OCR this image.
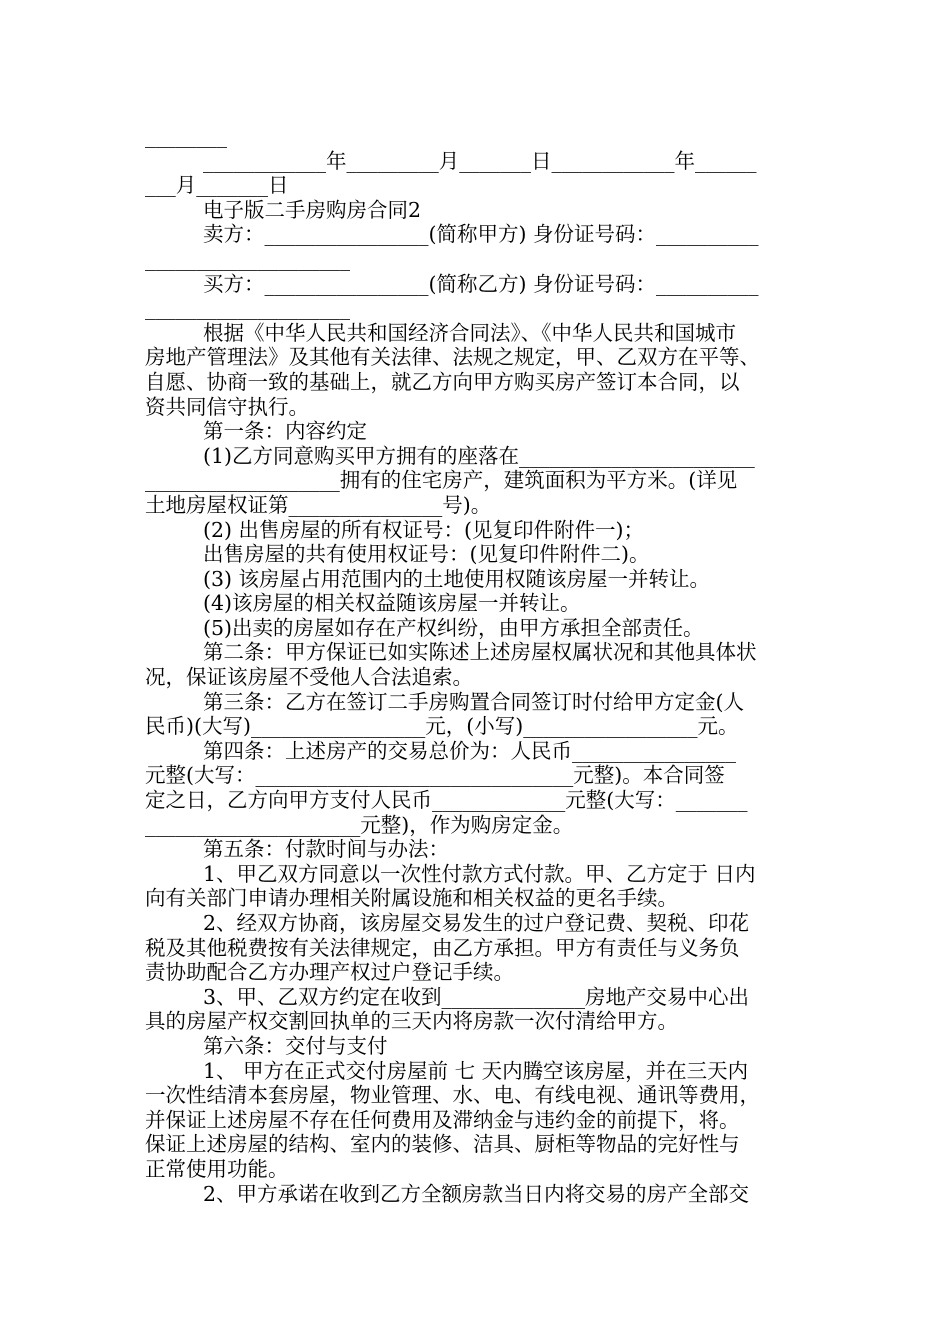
________
____________年_________月_______日____________年______
___月_______日
电子版二手房购房合同2
卖方：________________(简称甲方) 身份证号码：__________
____________________
买方：________________(简称乙方) 身份证号码：__________
____________________
根据《中华人民共和国经济合同法》、《中华人民共和国城市
房地产管理法》及其他有关法律、法规之规定，甲、乙双方在平等、
自愿、协商一致的基础上，就乙方向甲方购买房产签订本合同，以
资共同信守执行。
第一条：内容约定
(1)乙方同意购买甲方拥有的座落在_______________________
___________________拥有的住宅房产，建筑面积为平方米。(详见
土地房屋权证第_______________号)。
(2) 出售房屋的所有权证号：(见复印件附件一)；
出售房屋的共有使用权证号：(见复印件附件二)。
(3) 该房屋占用范围内的土地使用权随该房屋一并转让。
(4)该房屋的相关权益随该房屋一并转让。
(5)出卖的房屋如存在产权纠纷，由甲方承担全部责任。
第二条：甲方保证已如实陈述上述房屋权属状况和其他具体状
况，保证该房屋不受他人合法追索。
第三条：乙方在签订二手房购置合同签订时付给甲方定金(人
民币)(大写)_________________元，(小写)_________________元。
第四条：上述房产的交易总价为：人民币________________
元整(大写：_______________________________元整)。本合同签
定之日，乙方向甲方支付人民币_____________元整(大写：_______
_____________________元整)，作为购房定金。
第五条：付款时间与办法：
1、甲乙双方同意以一次性付款方式付款。甲、乙方定于 日内
向有关部门申请办理相关附属设施和相关权益的更名手续。
2、经双方协商，该房屋交易发生的过户登记费、契税、印花
税及其他税费按有关法律规定，由乙方承担。甲方有责任与义务负
责协助配合乙方办理产权过户登记手续。
3、甲、乙双方约定在收到______________房地产交易中心出
具的房屋产权交割回执单的三天内将房款一次付清给甲方。
第六条：交付与支付
1、 甲方在正式交付房屋前 七 天内腾空该房屋，并在三天内
一次性结清本套房屋，物业管理、水、电、有线电视、通讯等费用，
并保证上述房屋不存在任何费用及滞纳金与违约金的前提下，将。
保证上述房屋的结构、室内的装修、洁具、厨柜等物品的完好性与
正常使用功能。
2、甲方承诺在收到乙方全额房款当日内将交易的房产全部交
